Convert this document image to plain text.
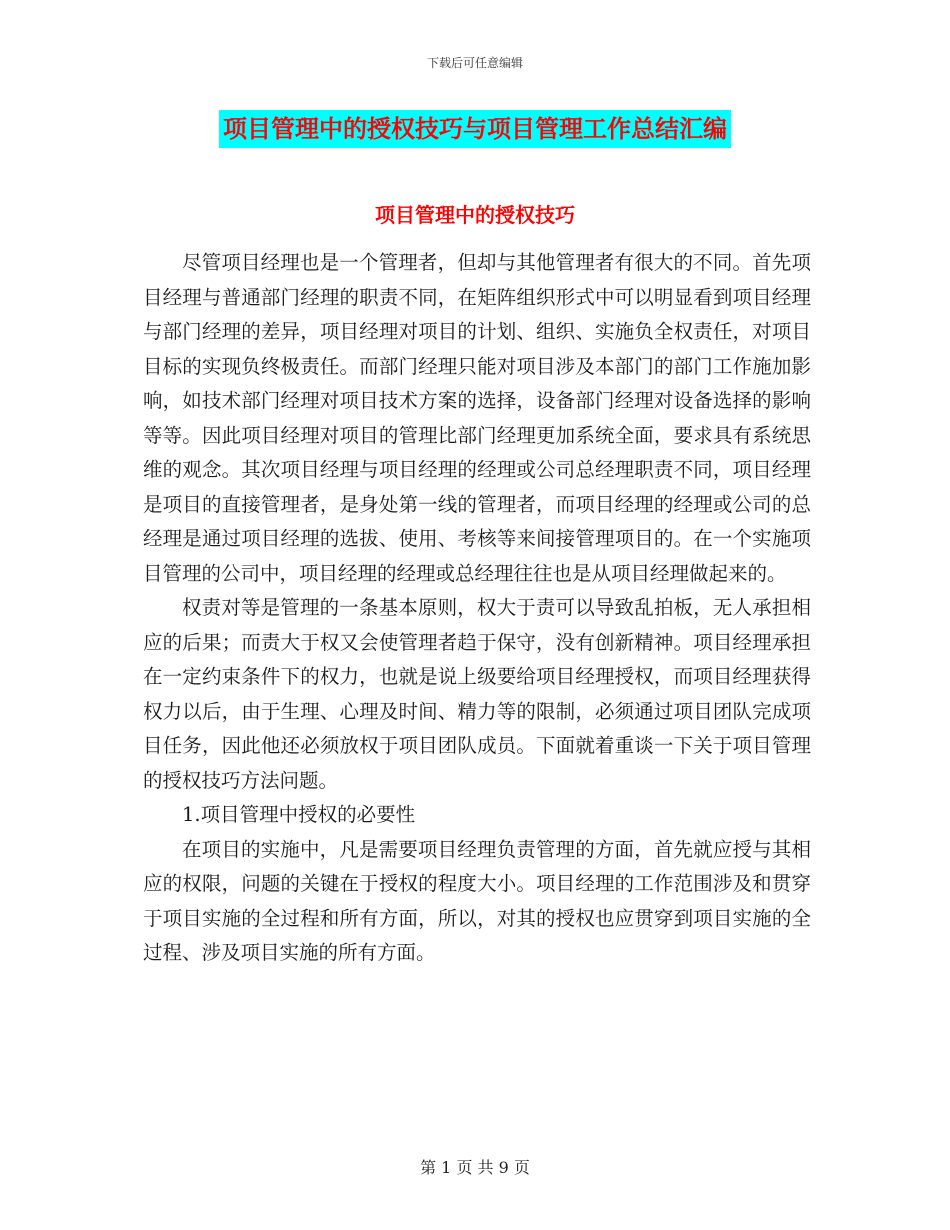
下载后可任意编辑
项目管理中的授权技巧与项目管理工作总结汇编
项目管理中的授权技巧

尽管项目经理也是一个管理者，但却与其他管理者有很大的不同。首先项目经理与普通部门经理的职责不同，在矩阵组织形式中可以明显看到项目经理与部门经理的差异，项目经理对项目的计划、组织、实施负全权责任，对项目目标的实现负终极责任。而部门经理只能对项目涉及本部门的部门工作施加影响，如技术部门经理对项目技术方案的选择，设备部门经理对设备选择的影响等等。因此项目经理对项目的管理比部门经理更加系统全面，要求具有系统思维的观念。其次项目经理与项目经理的经理或公司总经理职责不同，项目经理是项目的直接管理者，是身处第一线的管理者，而项目经理的经理或公司的总经理是通过项目经理的选拔、使用、考核等来间接管理项目的。在一个实施项目管理的公司中，项目经理的经理或总经理往往也是从项目经理做起来的。

权责对等是管理的一条基本原则，权大于责可以导致乱拍板，无人承担相应的后果；而责大于权又会使管理者趋于保守，没有创新精神。项目经理承担在一定约束条件下的权力，也就是说上级要给项目经理授权，而项目经理获得权力以后，由于生理、心理及时间、精力等的限制，必须通过项目团队完成项目任务，因此他还必须放权于项目团队成员。下面就着重谈一下关于项目管理的授权技巧方法问题。

1.项目管理中授权的必要性

在项目的实施中，凡是需要项目经理负责管理的方面，首先就应授与其相应的权限，问题的关键在于授权的程度大小。项目经理的工作范围涉及和贯穿于项目实施的全过程和所有方面，所以，对其的授权也应贯穿到项目实施的全过程、涉及项目实施的所有方面。

第 1 页 共 9 页
